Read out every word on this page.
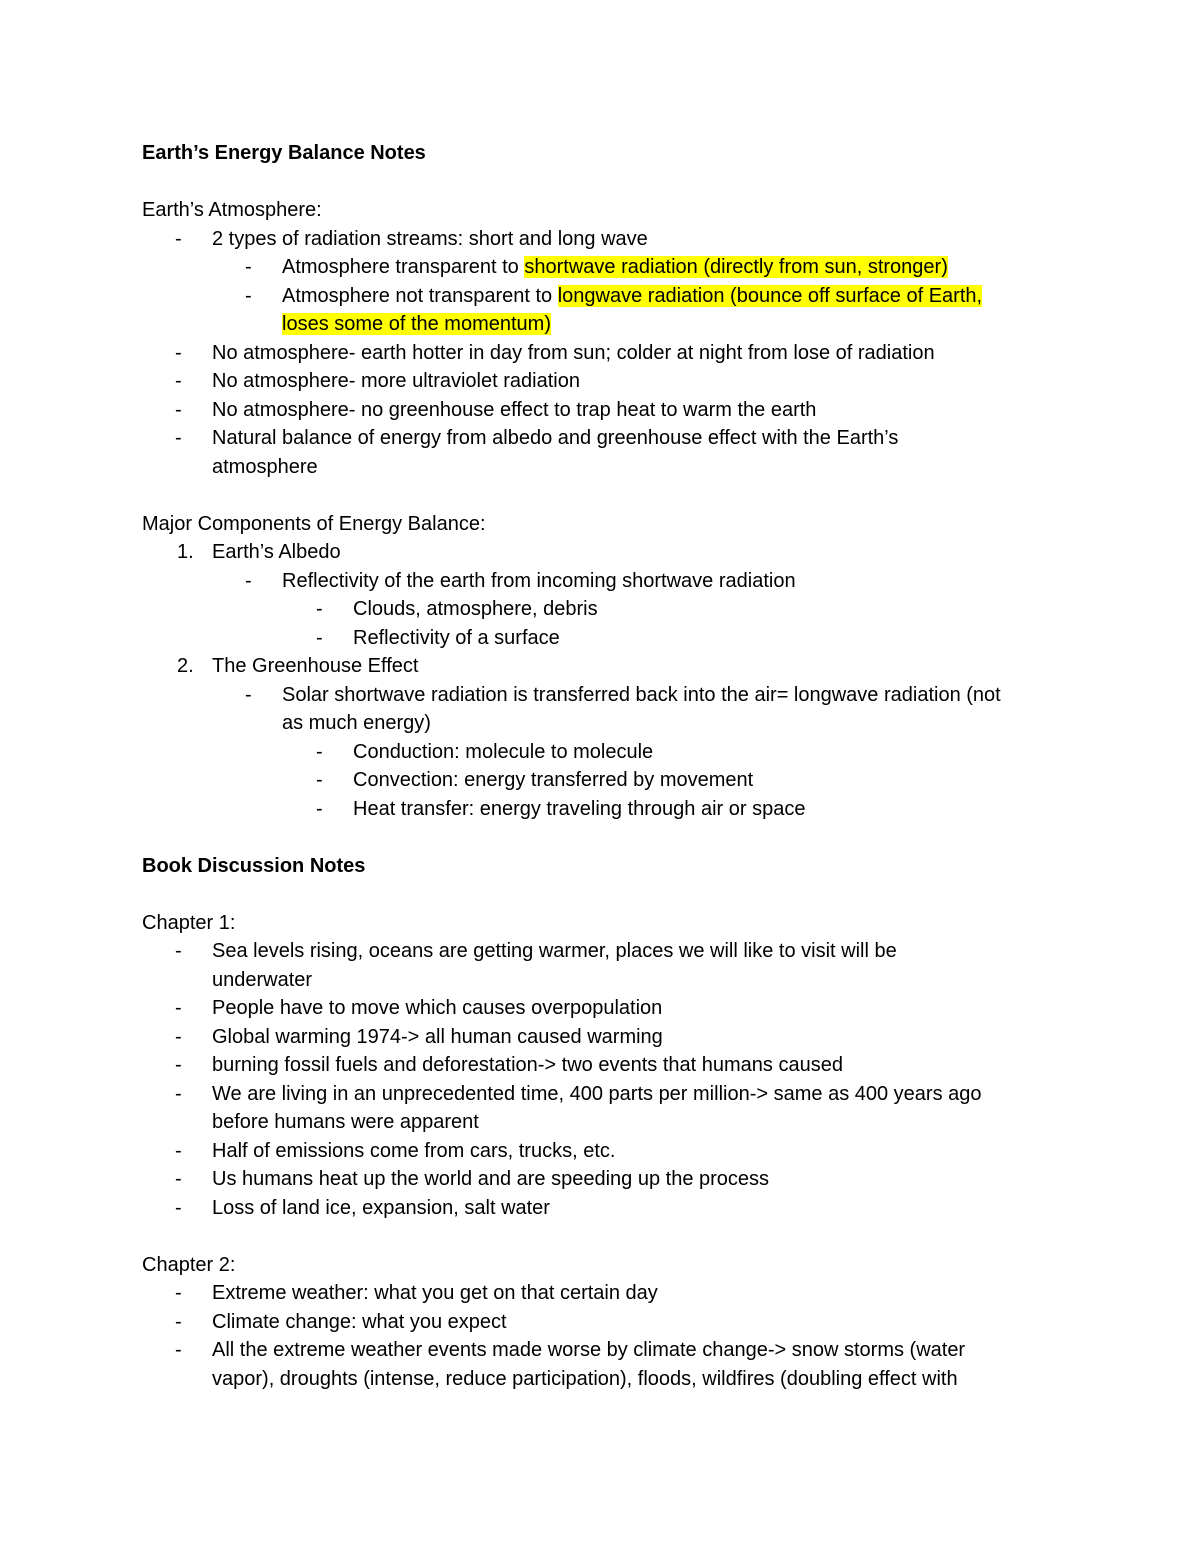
Earth’s Energy Balance Notes

Earth’s Atmosphere:

- 2 types of radiation streams: short and long wave

- Atmosphere transparent to shortwave radiation (directly from sun, stronger)

- Atmosphere not transparent to longwave radiation (bounce off surface of Earth,

loses some of the momentum)

- No atmosphere- earth hotter in day from sun; colder at night from lose of radiation

- No atmosphere- more ultraviolet radiation

- No atmosphere- no greenhouse effect to trap heat to warm the earth

- Natural balance of energy from albedo and greenhouse effect with the Earth’s

atmosphere

Major Components of Energy Balance:

1. Earth’s Albedo

- Reflectivity of the earth from incoming shortwave radiation

- Clouds, atmosphere, debris

- Reflectivity of a surface

2. The Greenhouse Effect

- Solar shortwave radiation is transferred back into the air= longwave radiation (not

as much energy)

- Conduction: molecule to molecule

- Convection: energy transferred by movement

- Heat transfer: energy traveling through air or space

Book Discussion Notes

Chapter 1:

- Sea levels rising, oceans are getting warmer, places we will like to visit will be

underwater

- People have to move which causes overpopulation

- Global warming 1974-> all human caused warming

- burning fossil fuels and deforestation-> two events that humans caused

- We are living in an unprecedented time, 400 parts per million-> same as 400 years ago

before humans were apparent

- Half of emissions come from cars, trucks, etc.

- Us humans heat up the world and are speeding up the process

- Loss of land ice, expansion, salt water

Chapter 2:

- Extreme weather: what you get on that certain day

- Climate change: what you expect

- All the extreme weather events made worse by climate change-> snow storms (water

vapor), droughts (intense, reduce participation), floods, wildfires (doubling effect with
